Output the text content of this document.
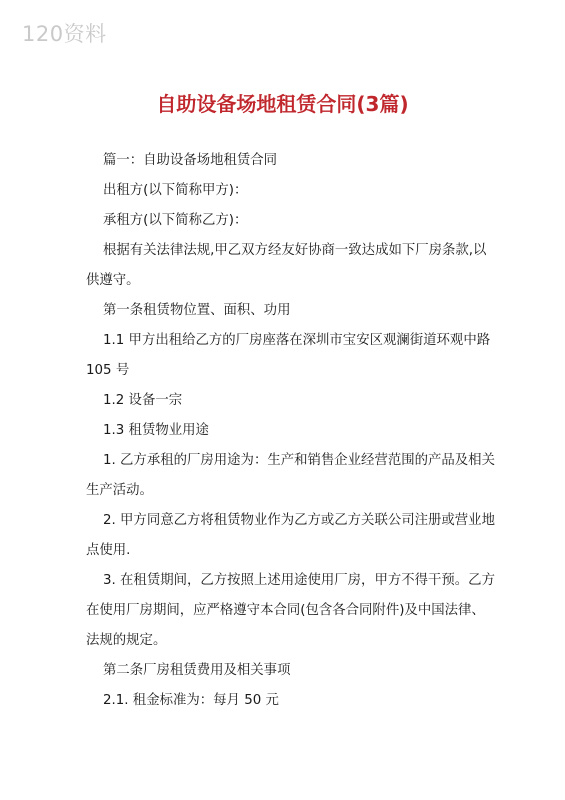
120资料
自助设备场地租赁合同(3篇)

篇一：自助设备场地租赁合同

出租方(以下简称甲方)：

承租方(以下简称乙方)：

根据有关法律法规,甲乙双方经友好协商一致达成如下厂房条款,以供遵守。

第一条租赁物位置、面积、功用

1.1 甲方出租给乙方的厂房座落在深圳市宝安区观澜街道环观中路 105 号

1.2 设备一宗

1.3 租赁物业用途

1. 乙方承租的厂房用途为：生产和销售企业经营范围的产品及相关生产活动。

2. 甲方同意乙方将租赁物业作为乙方或乙方关联公司注册或营业地点使用.

3. 在租赁期间，乙方按照上述用途使用厂房，甲方不得干预。乙方在使用厂房期间，应严格遵守本合同(包含各合同附件)及中国法律、法规的规定。

第二条厂房租赁费用及相关事项

2.1. 租金标准为：每月 50 元
